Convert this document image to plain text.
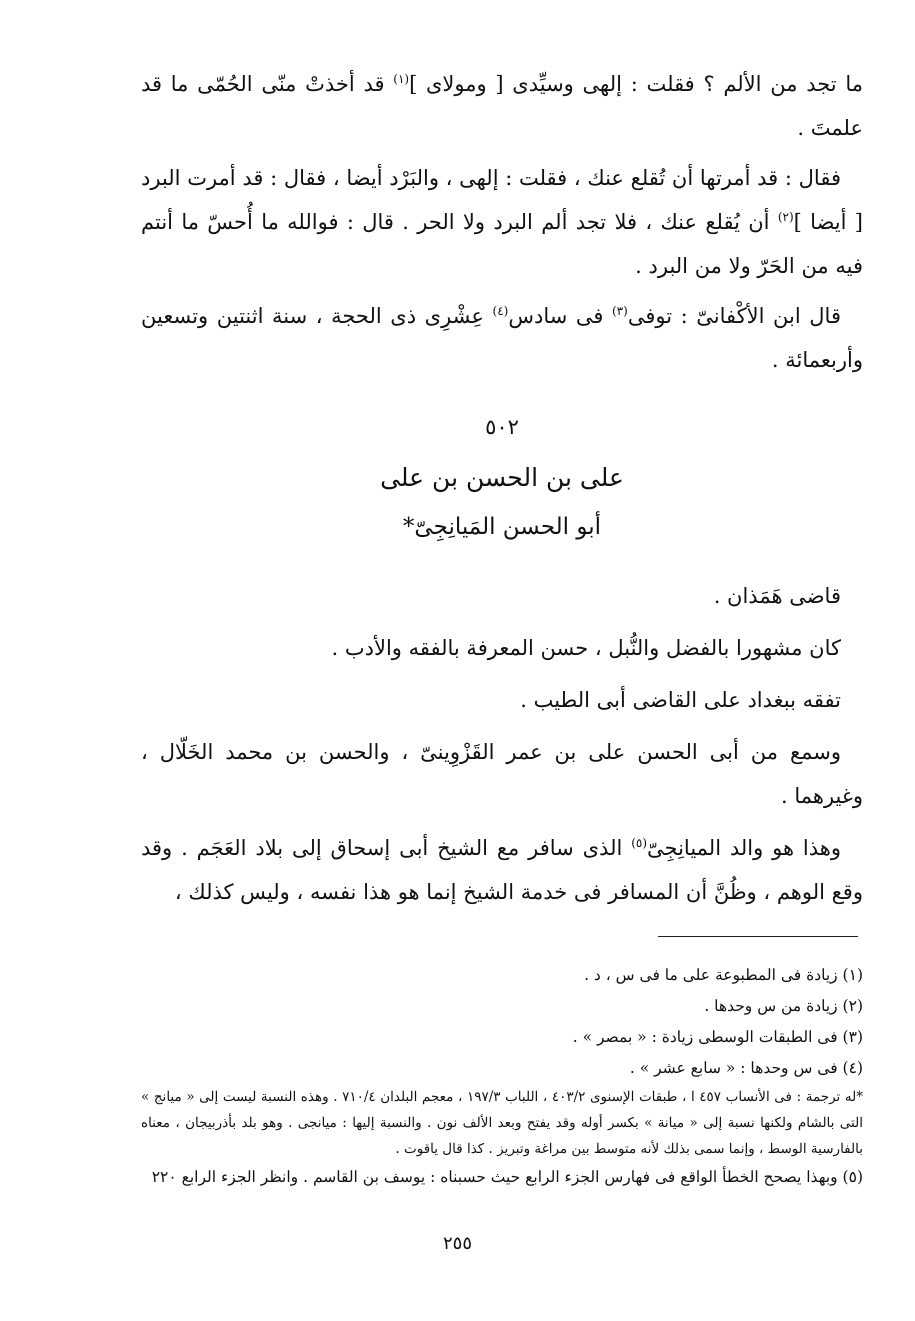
ما تجد من الألم ؟ فقلت : إلهى وسيِّدى [ ومولاى ]$^{(١)}$ قد أخذتْ منّى الحُمّى ما قد علمتَ .

فقال : قد أمرتها أن تُقلع عنك ، فقلت : إلهى ، والبَرْد أيضا ، فقال : قد أمرت البرد [ أيضا ]$^{(٢)}$ أن يُقلع عنك ، فلا تجد ألم البرد ولا الحر . قال : فوالله ما أُحسّ ما أنتم فيه من الحَرّ ولا من البرد .

قال ابن الأكْفانىّ : توفى$^{(٣)}$ فى سادس$^{(٤)}$ عِشْرِى ذى الحجة ، سنة اثنتين وتسعين وأربعمائة .

٥٠٢

على بن الحسن بن على

أبو الحسن المَيانِجِىّ*

قاضى هَمَذان .

كان مشهورا بالفضل والنُّبل ، حسن المعرفة بالفقه والأدب .

تفقه ببغداد على القاضى أبى الطيب .

وسمع من أبى الحسن على بن عمر القَزْوِينىّ ، والحسن بن محمد الخَلّال ، وغيرهما .

وهذا هو والد الميانِجِىّ$^{(٥)}$ الذى سافر مع الشيخ أبى إسحاق إلى بلاد العَجَم . وقد وقع الوهم ، وظُنَّ أن المسافر فى خدمة الشيخ إنما هو هذا نفسه ، وليس كذلك ،

(١) زيادة فى المطبوعة على ما فى س ، د .

(٢) زيادة من س وحدها .

(٣) فى الطبقات الوسطى زيادة : « بمصر » .

(٤) فى س وحدها : « سابع عشر » .

*له ترجمة : فى الأنساب ٤٥٧ ا ، طبقات الإسنوى ٤٠٣/٢ ، اللباب ١٩٧/٣ ، معجم البلدان ٧١٠/٤ . وهذه النسبة ليست إلى « ميانج » التى بالشام ولكنها نسبة إلى « ميانة » بكسر أوله وقد يفتح وبعد الألف نون . والنسبة إليها : ميانجى . وهو بلد بأذربيجان ، معناه بالفارسية الوسط ، وإنما سمى بذلك لأنه متوسط بين مراغة وتبريز . كذا قال ياقوت .

(٥) وبهذا يصحح الخطأ الواقع فى فهارس الجزء الرابع حيث حسبناه : يوسف بن القاسم . وانظر الجزء الرابع ٢٢٠

٢٥٥
